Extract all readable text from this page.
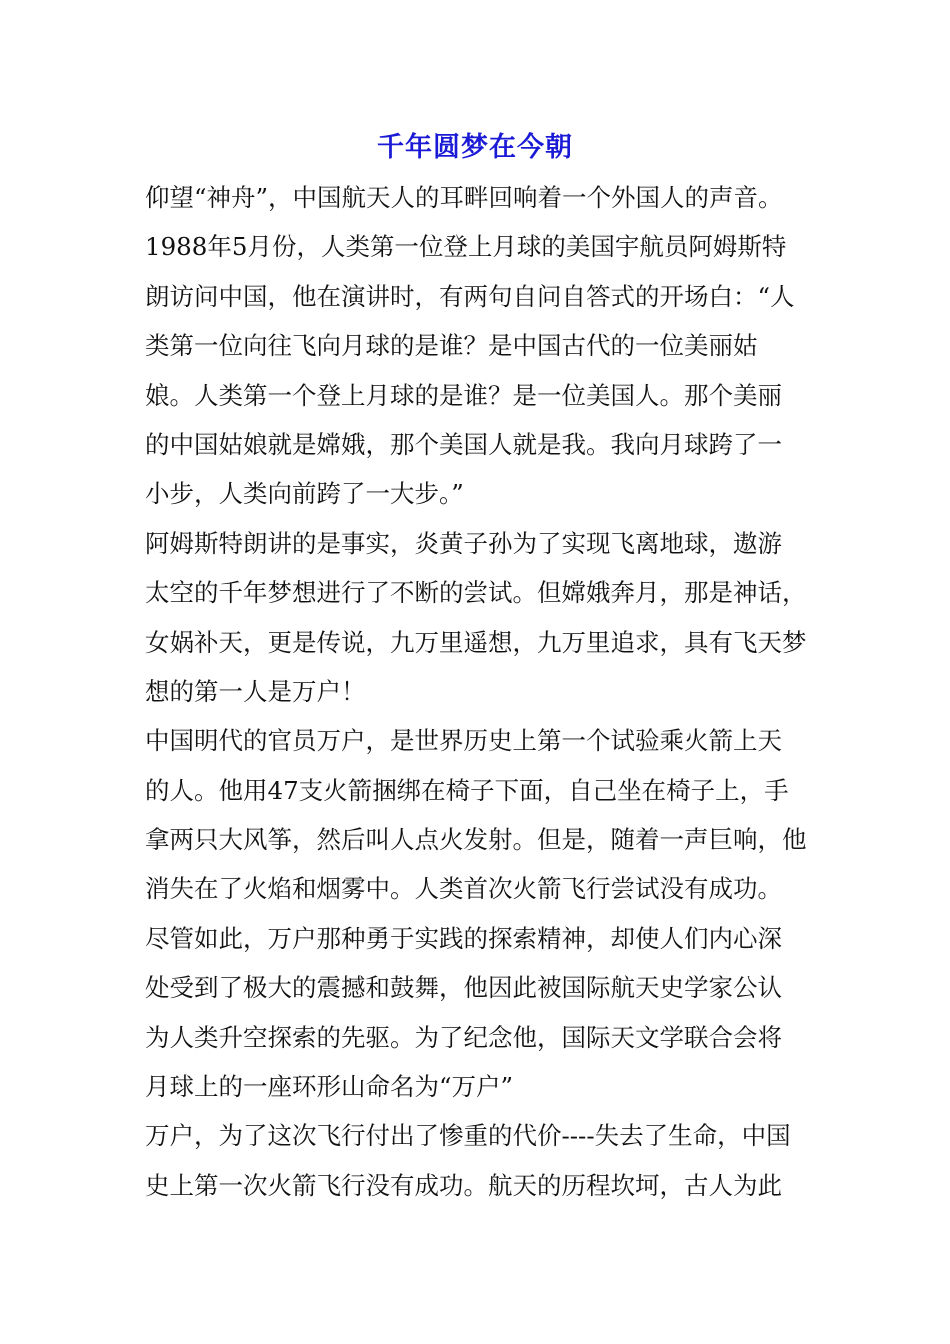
千年圆梦在今朝
仰望“神舟”，中国航天人的耳畔回响着一个外国人的声音。
1988年5月份，人类第一位登上月球的美国宇航员阿姆斯特
朗访问中国，他在演讲时，有两句自问自答式的开场白：“人
类第一位向往飞向月球的是谁？是中国古代的一位美丽姑
娘。人类第一个登上月球的是谁？是一位美国人。那个美丽
的中国姑娘就是嫦娥，那个美国人就是我。我向月球跨了一
小步，人类向前跨了一大步。”
阿姆斯特朗讲的是事实，炎黄子孙为了实现飞离地球，遨游
太空的千年梦想进行了不断的尝试。但嫦娥奔月，那是神话，
女娲补天，更是传说，九万里遥想，九万里追求，具有飞天梦
想的第一人是万户！
中国明代的官员万户，是世界历史上第一个试验乘火箭上天
的人。他用47支火箭捆绑在椅子下面，自己坐在椅子上，手
拿两只大风筝，然后叫人点火发射。但是，随着一声巨响，他
消失在了火焰和烟雾中。人类首次火箭飞行尝试没有成功。
尽管如此，万户那种勇于实践的探索精神，却使人们内心深
处受到了极大的震撼和鼓舞，他因此被国际航天史学家公认
为人类升空探索的先驱。为了纪念他，国际天文学联合会将
月球上的一座环形山命名为“万户”
万户，为了这次飞行付出了惨重的代价----失去了生命，中国
史上第一次火箭飞行没有成功。航天的历程坎坷，古人为此
